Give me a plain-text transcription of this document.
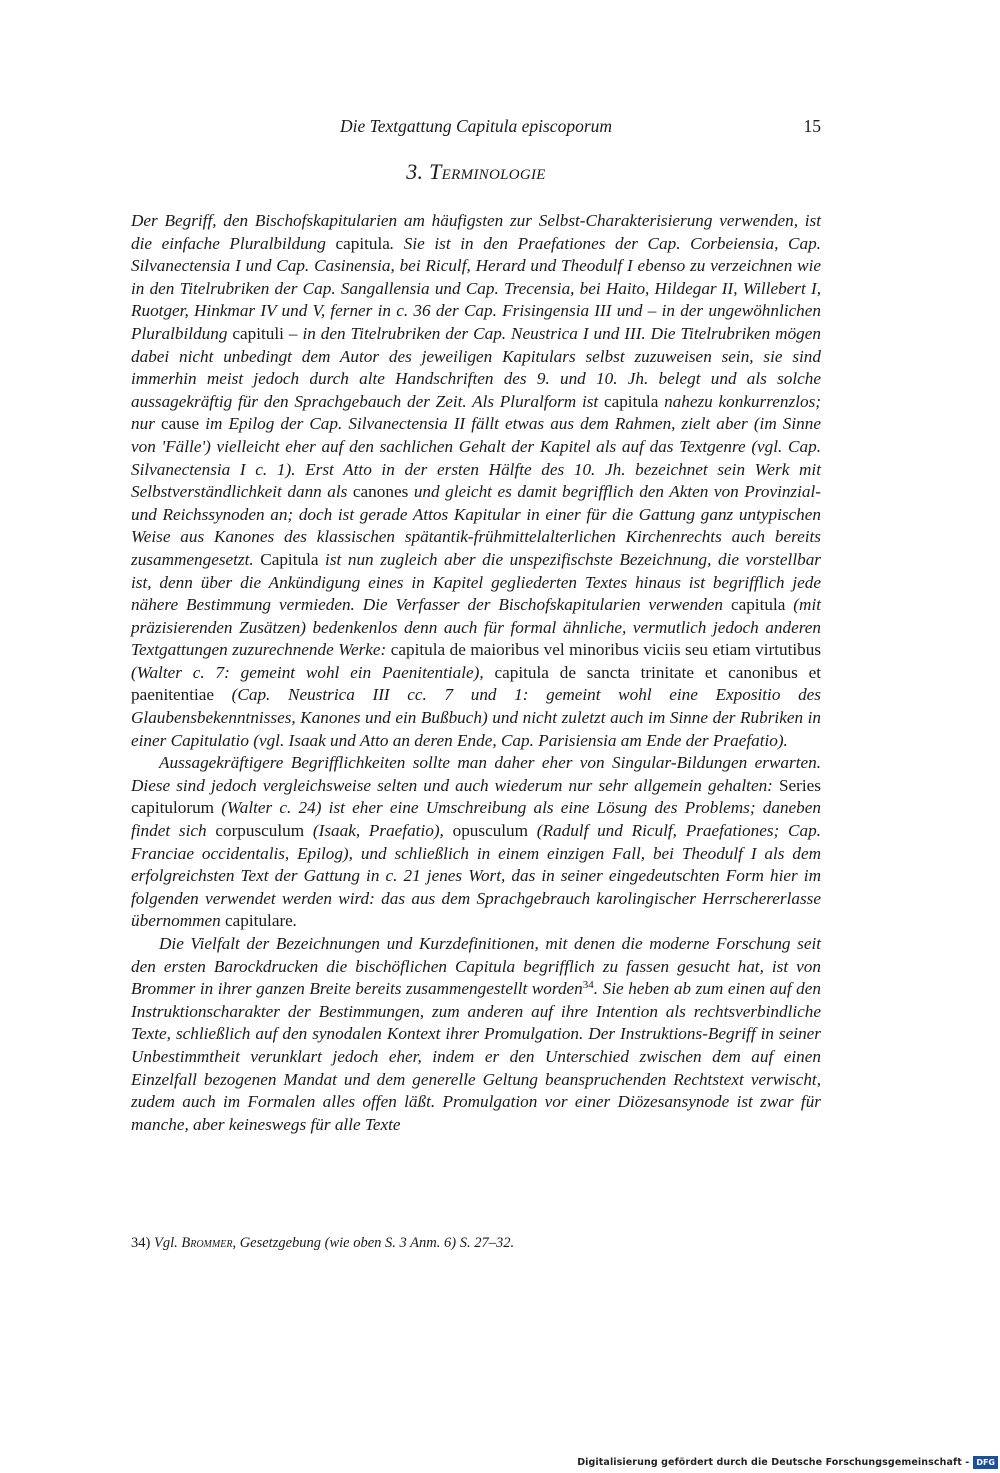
Die Textgattung Capitula episcoporum	15
3. Terminologie

Der Begriff, den Bischofskapitularien am häufigsten zur Selbst-Charakterisierung verwenden, ist die einfache Pluralbildung capitula. Sie ist in den Praefationes der Cap. Corbeiensia, Cap. Silvanectensia I und Cap. Casinensia, bei Riculf, Herard und Theodulf I ebenso zu verzeichnen wie in den Titelrubriken der Cap. Sangallensia und Cap. Trecensia, bei Haito, Hildegar II, Willebert I, Ruotger, Hinkmar IV und V, ferner in c. 36 der Cap. Frisingensia III und – in der ungewöhnlichen Pluralbildung capituli – in den Titelrubriken der Cap. Neustrica I und III. Die Titelrubriken mögen dabei nicht unbedingt dem Autor des jeweiligen Kapitulars selbst zuzuweisen sein, sie sind immerhin meist jedoch durch alte Handschriften des 9. und 10. Jh. belegt und als solche aussagekräftig für den Sprachgebauch der Zeit. Als Pluralform ist capitula nahezu konkurrenzlos; nur cause im Epilog der Cap. Silvanectensia II fällt etwas aus dem Rahmen, zielt aber (im Sinne von 'Fälle') vielleicht eher auf den sachlichen Gehalt der Kapitel als auf das Textgenre (vgl. Cap. Silvanectensia I c. 1). Erst Atto in der ersten Hälfte des 10. Jh. bezeichnet sein Werk mit Selbstverständlichkeit dann als canones und gleicht es damit begrifflich den Akten von Provinzial- und Reichssynoden an; doch ist gerade Attos Kapitular in einer für die Gattung ganz untypischen Weise aus Kanones des klassischen spätantik-frühmittelalterlichen Kirchenrechts auch bereits zusammengesetzt. Capitula ist nun zugleich aber die unspezifischste Bezeichnung, die vorstellbar ist, denn über die Ankündigung eines in Kapitel gegliederten Textes hinaus ist begrifflich jede nähere Bestimmung vermieden. Die Verfasser der Bischofskapitularien verwenden capitula (mit präzisierenden Zusätzen) bedenkenlos denn auch für formal ähnliche, vermutlich jedoch anderen Textgattungen zuzurechnende Werke: capitula de maioribus vel minoribus viciis seu etiam virtutibus (Walter c. 7: gemeint wohl ein Paenitentiale), capitula de sancta trinitate et canonibus et paenitentiae (Cap. Neustrica III cc. 7 und 1: gemeint wohl eine Expositio des Glaubensbekenntnisses, Kanones und ein Bußbuch) und nicht zuletzt auch im Sinne der Rubriken in einer Capitulatio (vgl. Isaak und Atto an deren Ende, Cap. Parisiensia am Ende der Praefatio).

Aussagekräftigere Begrifflichkeiten sollte man daher eher von Singular-Bildungen erwarten. Diese sind jedoch vergleichsweise selten und auch wiederum nur sehr allgemein gehalten: Series capitulorum (Walter c. 24) ist eher eine Umschreibung als eine Lösung des Problems; daneben findet sich corpusculum (Isaak, Praefatio), opusculum (Radulf und Riculf, Praefationes; Cap. Franciae occidentalis, Epilog), und schließlich in einem einzigen Fall, bei Theodulf I als dem erfolgreichsten Text der Gattung in c. 21 jenes Wort, das in seiner eingedeutschten Form hier im folgenden verwendet werden wird: das aus dem Sprachgebrauch karolingischer Herrschererlasse übernommen capitulare.

Die Vielfalt der Bezeichnungen und Kurzdefinitionen, mit denen die moderne Forschung seit den ersten Barockdrucken die bischöflichen Capitula begrifflich zu fassen gesucht hat, ist von Brommer in ihrer ganzen Breite bereits zusammengestellt worden$^{34}$. Sie heben ab zum einen auf den Instruktionscharakter der Bestimmungen, zum anderen auf ihre Intention als rechtsverbindliche Texte, schließlich auf den synodalen Kontext ihrer Promulgation. Der Instruktions-Begriff in seiner Unbestimmtheit verunklart jedoch eher, indem er den Unterschied zwischen dem auf einen Einzelfall bezogenen Mandat und dem generelle Geltung beanspruchenden Rechtstext verwischt, zudem auch im Formalen alles offen läßt. Promulgation vor einer Diözesansynode ist zwar für manche, aber keineswegs für alle Texte

34) Vgl. Brommer, Gesetzgebung (wie oben S. 3 Anm. 6) S. 27–32.
Digitalisierung gefördert durch die Deutsche Forschungsgemeinschaft - DFG
